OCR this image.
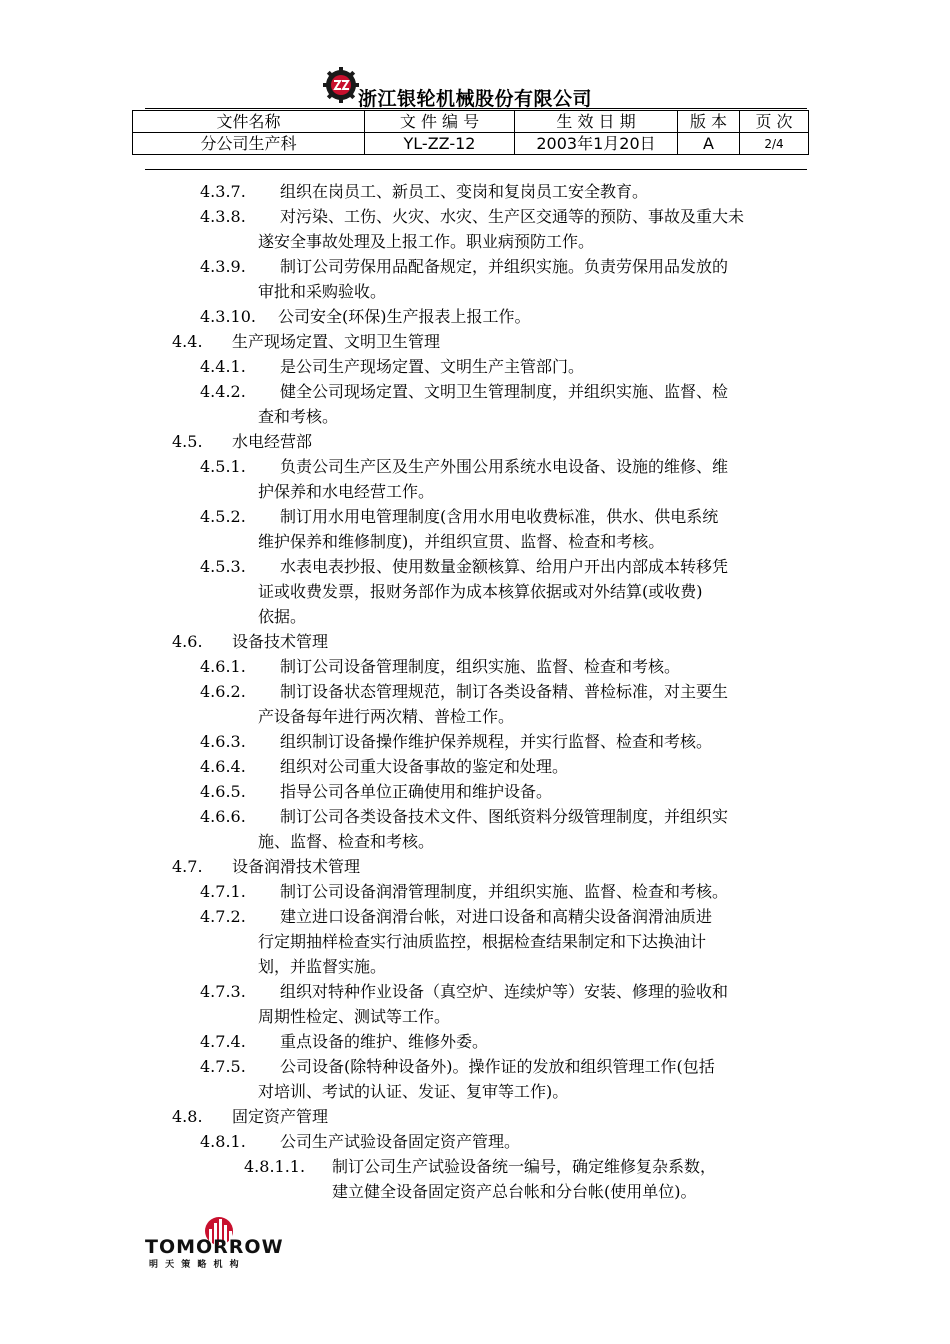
浙江银轮机械股份有限公司
文件名称	文 件 编 号	生 效 日 期	版 本	页 次
分公司生产科	YL-ZZ-12	2003年1月20日	A	2/4
4.3.7. 组织在岗员工、新员工、变岗和复岗员工安全教育。
4.3.8. 对污染、工伤、火灾、水灾、生产区交通等的预防、事故及重大未
遂安全事故处理及上报工作。职业病预防工作。
4.3.9. 制订公司劳保用品配备规定，并组织实施。负责劳保用品发放的
审批和采购验收。
4.3.10. 公司安全(环保)生产报表上报工作。
4.4. 生产现场定置、文明卫生管理
4.4.1. 是公司生产现场定置、文明生产主管部门。
4.4.2. 健全公司现场定置、文明卫生管理制度，并组织实施、监督、检
查和考核。
4.5. 水电经营部
4.5.1. 负责公司生产区及生产外围公用系统水电设备、设施的维修、维
护保养和水电经营工作。
4.5.2. 制订用水用电管理制度(含用水用电收费标准，供水、供电系统
维护保养和维修制度)，并组织宣贯、监督、检查和考核。
4.5.3. 水表电表抄报、使用数量金额核算、给用户开出内部成本转移凭
证或收费发票，报财务部作为成本核算依据或对外结算(或收费)
依据。
4.6. 设备技术管理
4.6.1. 制订公司设备管理制度，组织实施、监督、检查和考核。
4.6.2. 制订设备状态管理规范，制订各类设备精、普检标准，对主要生
产设备每年进行两次精、普检工作。
4.6.3. 组织制订设备操作维护保养规程，并实行监督、检查和考核。
4.6.4. 组织对公司重大设备事故的鉴定和处理。
4.6.5. 指导公司各单位正确使用和维护设备。
4.6.6. 制订公司各类设备技术文件、图纸资料分级管理制度，并组织实
施、监督、检查和考核。
4.7. 设备润滑技术管理
4.7.1. 制订公司设备润滑管理制度，并组织实施、监督、检查和考核。
4.7.2. 建立进口设备润滑台帐，对进口设备和高精尖设备润滑油质进
行定期抽样检查实行油质监控，根据检查结果制定和下达换油计
划，并监督实施。
4.7.3. 组织对特种作业设备（真空炉、连续炉等）安装、修理的验收和
周期性检定、测试等工作。
4.7.4. 重点设备的维护、维修外委。
4.7.5. 公司设备(除特种设备外)。操作证的发放和组织管理工作(包括
对培训、考试的认证、发证、复审等工作)。
4.8. 固定资产管理
4.8.1. 公司生产试验设备固定资产管理。
4.8.1.1. 制订公司生产试验设备统一编号，确定维修复杂系数，
建立健全设备固定资产总台帐和分台帐(使用单位)。
TOMORROW
明 天 策 略 机 构
